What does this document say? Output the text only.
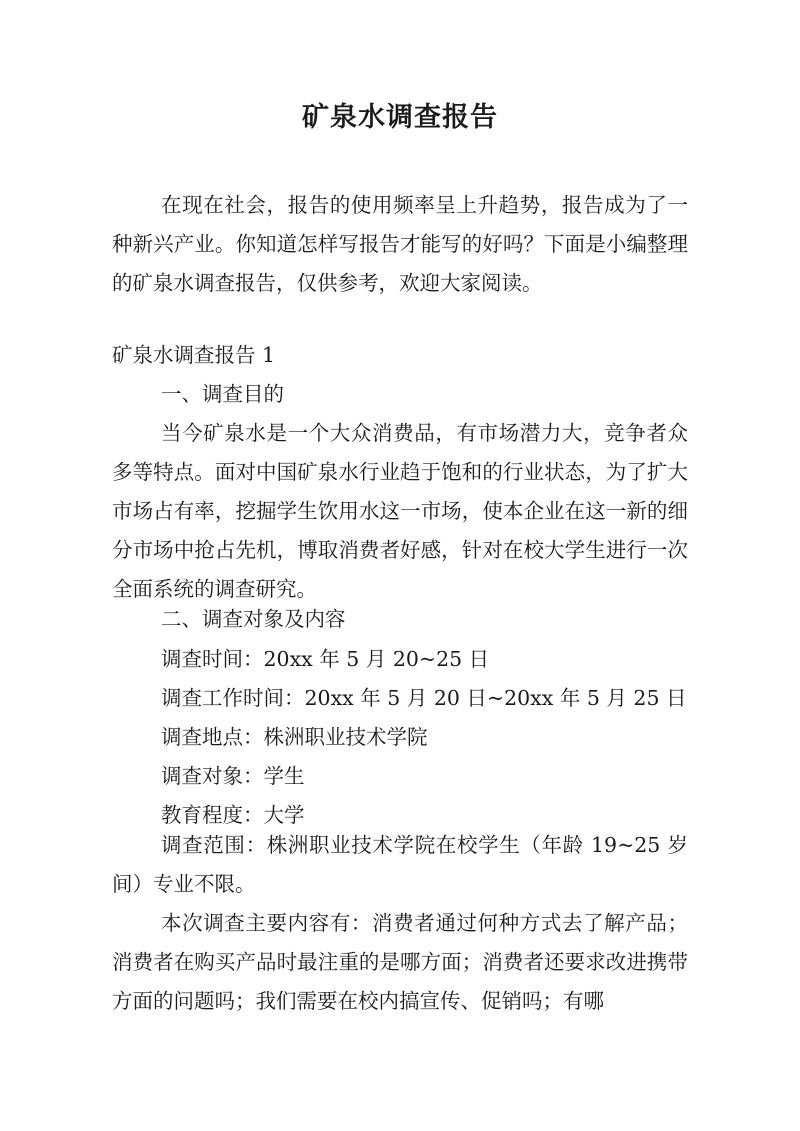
矿泉水调查报告
在现在社会，报告的使用频率呈上升趋势，报告成为了一种新兴产业。你知道怎样写报告才能写的好吗？下面是小编整理的矿泉水调查报告，仅供参考，欢迎大家阅读。
矿泉水调查报告 1
一、调查目的
当今矿泉水是一个大众消费品，有市场潜力大，竞争者众多等特点。面对中国矿泉水行业趋于饱和的行业状态，为了扩大市场占有率，挖掘学生饮用水这一市场，使本企业在这一新的细分市场中抢占先机，博取消费者好感，针对在校大学生进行一次全面系统的调查研究。
二、调查对象及内容
调查时间：20xx 年 5 月 20~25 日
调查工作时间：20xx 年 5 月 20 日~20xx 年 5 月 25 日
调查地点：株洲职业技术学院
调查对象：学生
教育程度：大学
调查范围：株洲职业技术学院在校学生（年龄 19~25 岁间）专业不限。
本次调查主要内容有：消费者通过何种方式去了解产品；消费者在购买产品时最注重的是哪方面；消费者还要求改进携带方面的问题吗；我们需要在校内搞宣传、促销吗；有哪
